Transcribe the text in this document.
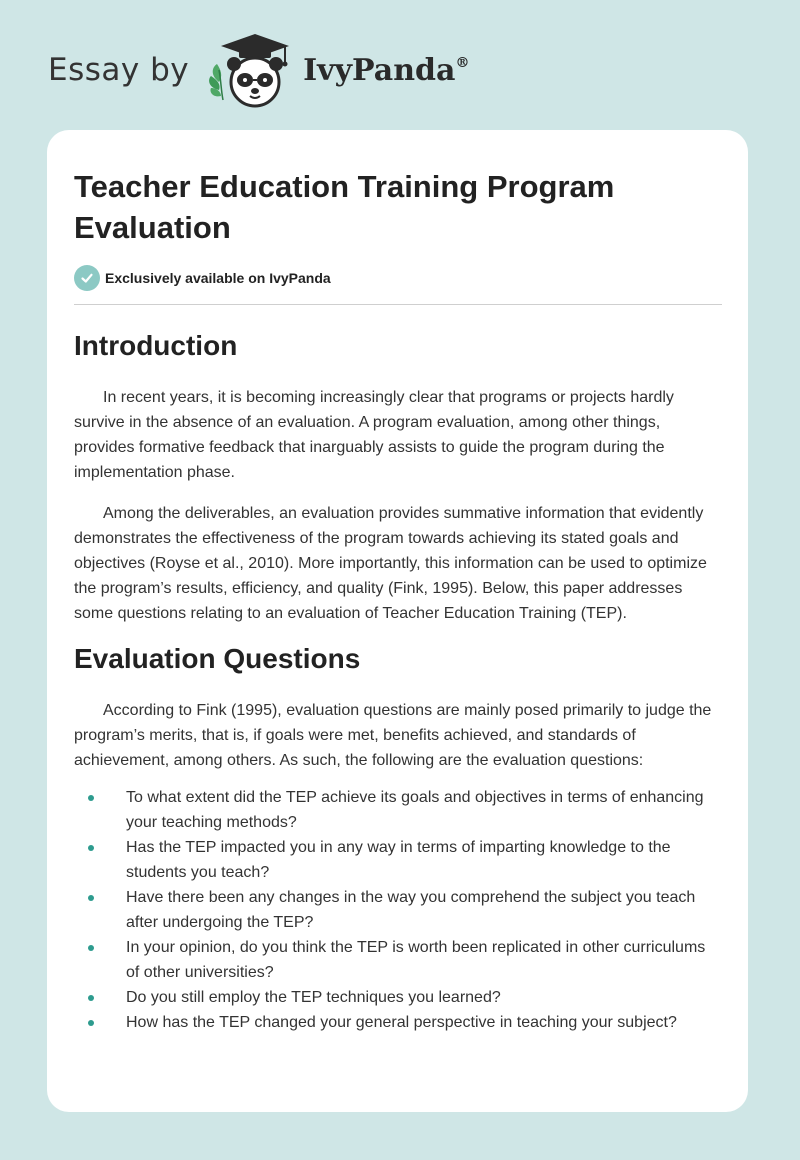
Essay by	IvyPanda®
Teacher Education Training Program Evaluation
Exclusively available on IvyPanda
Introduction

In recent years, it is becoming increasingly clear that programs or projects hardly survive in the absence of an evaluation. A program evaluation, among other things, provides formative feedback that inarguably assists to guide the program during the implementation phase.

Among the deliverables, an evaluation provides summative information that evidently demonstrates the effectiveness of the program towards achieving its stated goals and objectives (Royse et al., 2010). More importantly, this information can be used to optimize the program’s results, efficiency, and quality (Fink, 1995). Below, this paper addresses some questions relating to an evaluation of Teacher Education Training (TEP).

Evaluation Questions

According to Fink (1995), evaluation questions are mainly posed primarily to judge the program’s merits, that is, if goals were met, benefits achieved, and standards of achievement, among others. As such, the following are the evaluation questions:

To what extent did the TEP achieve its goals and objectives in terms of enhancing your teaching methods?
Has the TEP impacted you in any way in terms of imparting knowledge to the students you teach?
Have there been any changes in the way you comprehend the subject you teach after undergoing the TEP?
In your opinion, do you think the TEP is worth been replicated in other curriculums of other universities?
Do you still employ the TEP techniques you learned?
How has the TEP changed your general perspective in teaching your subject?
